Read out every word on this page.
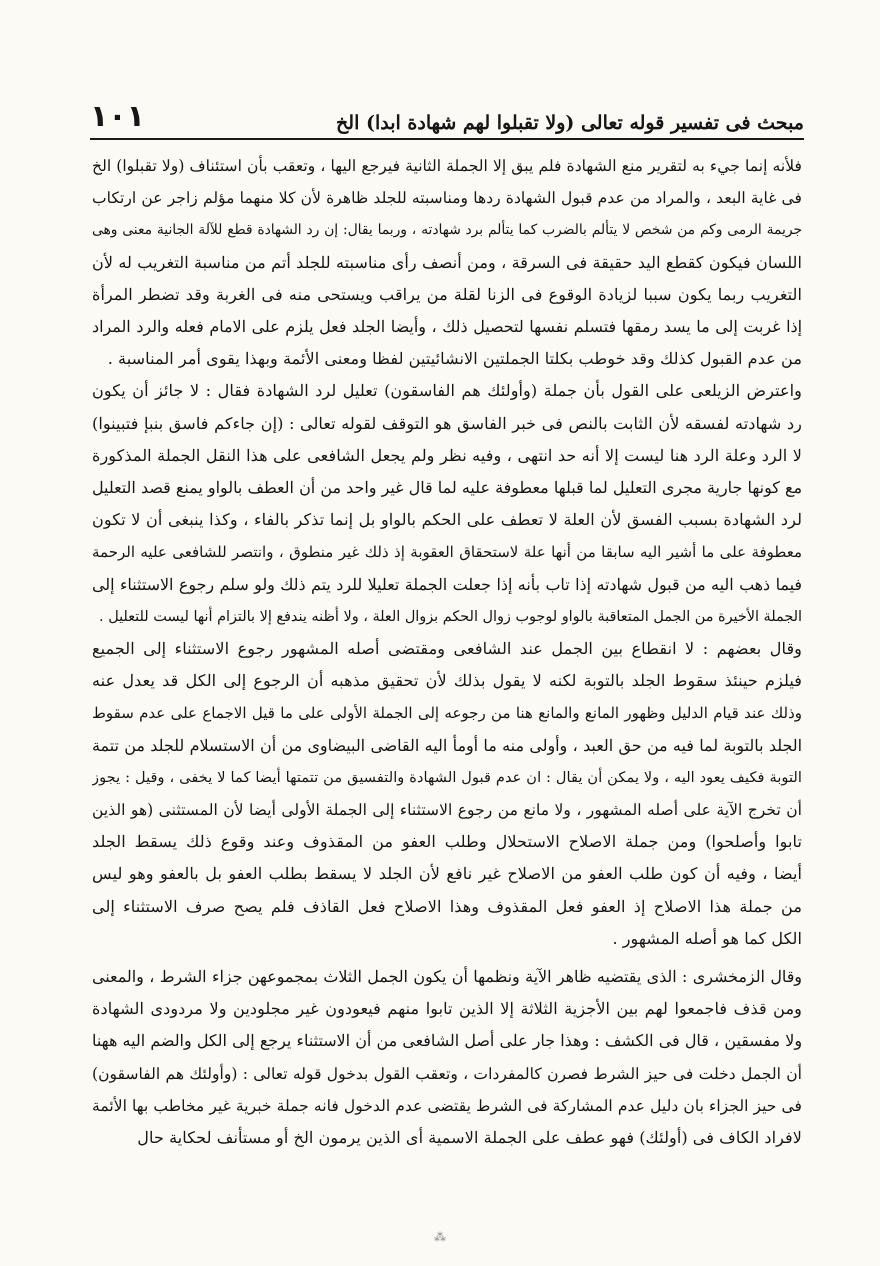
مبحث فى تفسير قوله تعالى (ولا تقبلوا لهم شهادة ابدا) الخ
١٠١
فلأنه إنما جيء به لتقرير منع الشهادة فلم يبق إلا الجملة الثانية فيرجع اليها ، وتعقب بأن استئناف (ولا تقبلوا) الخ
فى غاية البعد ، والمراد من عدم قبول الشهادة ردها ومناسبته للجلد ظاهرة لأن كلا منهما مؤلم زاجر عن ارتكاب
جريمة الرمى وكم من شخص لا يتألم بالضرب كما يتألم برد شهادته ، وربما يقال: إن رد الشهادة قطع للآلة الجانية معنى وهى
اللسان فيكون كقطع اليد حقيقة فى السرقة ، ومن أنصف رأى مناسبته للجلد أتم من مناسبة التغريب له لأن
التغريب ربما يكون سببا لزيادة الوقوع فى الزنا لقلة من يراقب ويستحى منه فى الغربة وقد تضطر المرأة
إذا غربت إلى ما يسد رمقها فتسلم نفسها لتحصيل ذلك ، وأيضا الجلد فعل يلزم على الامام فعله والرد المراد
من عدم القبول كذلك وقد خوطب بكلتا الجملتين الانشائيتين لفظا ومعنى الأئمة وبهذا يقوى أمر المناسبة .
واعترض الزيلعى على القول بأن جملة (وأولئك هم الفاسقون) تعليل لرد الشهادة فقال : لا جائز أن يكون
رد شهادته لفسقه لأن الثابت بالنص فى خبر الفاسق هو التوقف لقوله تعالى : (إن جاءكم فاسق بنبإ فتبينوا)
لا الرد وعلة الرد هنا ليست إلا أنه حد انتهى ، وفيه نظر ولم يجعل الشافعى على هذا النقل الجملة المذكورة
مع كونها جارية مجرى التعليل لما قبلها معطوفة عليه لما قال غير واحد من أن العطف بالواو يمنع قصد التعليل
لرد الشهادة بسبب الفسق لأن العلة لا تعطف على الحكم بالواو بل إنما تذكر بالفاء ، وكذا ينبغى أن لا تكون
معطوفة على ما أشير اليه سابقا من أنها علة لاستحقاق العقوبة إذ ذلك غير منطوق ، وانتصر للشافعى عليه الرحمة
فيما ذهب اليه من قبول شهادته إذا تاب بأنه إذا جعلت الجملة تعليلا للرد يتم ذلك ولو سلم رجوع الاستثناء إلى
الجملة الأخيرة من الجمل المتعاقبة بالواو لوجوب زوال الحكم بزوال العلة ، ولا أظنه يندفع إلا بالتزام أنها ليست للتعليل .
وقال بعضهم : لا انقطاع بين الجمل عند الشافعى ومقتضى أصله المشهور رجوع الاستثناء إلى الجميع
فيلزم حينئذ سقوط الجلد بالتوبة لكنه لا يقول بذلك لأن تحقيق مذهبه أن الرجوع إلى الكل قد يعدل عنه
وذلك عند قيام الدليل وظهور المانع والمانع هنا من رجوعه إلى الجملة الأولى على ما قيل الاجماع على عدم سقوط
الجلد بالتوبة لما فيه من حق العبد ، وأولى منه ما أومأ اليه القاضى البيضاوى من أن الاستسلام للجلد من تتمة
التوبة فكيف يعود اليه ، ولا يمكن أن يقال : ان عدم قبول الشهادة والتفسيق من تتمتها أيضا كما لا يخفى ، وقيل : يجوز
أن تخرج الآية على أصله المشهور ، ولا مانع من رجوع الاستثناء إلى الجملة الأولى أيضا لأن المستثنى (هو الذين
تابوا وأصلحوا) ومن جملة الاصلاح الاستحلال وطلب العفو من المقذوف وعند وقوع ذلك يسقط الجلد
أيضا ، وفيه أن كون طلب العفو من الاصلاح غير نافع لأن الجلد لا يسقط بطلب العفو بل بالعفو وهو ليس
من جملة هذا الاصلاح إذ العفو فعل المقذوف وهذا الاصلاح فعل القاذف فلم يصح صرف الاستثناء إلى
الكل كما هو أصله المشهور .
وقال الزمخشرى : الذى يقتضيه ظاهر الآية ونظمها أن يكون الجمل الثلاث بمجموعهن جزاء الشرط ، والمعنى
ومن قذف فاجمعوا لهم بين الأجزية الثلاثة إلا الذين تابوا منهم فيعودون غير مجلودين ولا مردودى الشهادة
ولا مفسقين ، قال فى الكشف : وهذا جار على أصل الشافعى من أن الاستثناء يرجع إلى الكل والضم اليه ههنا
أن الجمل دخلت فى حيز الشرط فصرن كالمفردات ، وتعقب القول بدخول قوله تعالى : (وأولئك هم الفاسقون)
فى حيز الجزاء بان دليل عدم المشاركة فى الشرط يقتضى عدم الدخول فانه جملة خبرية غير مخاطب بها الأئمة
لافراد الكاف فى (أولئك) فهو عطف على الجملة الاسمية أى الذين يرمون الخ أو مستأنف لحكاية حال
⁂
